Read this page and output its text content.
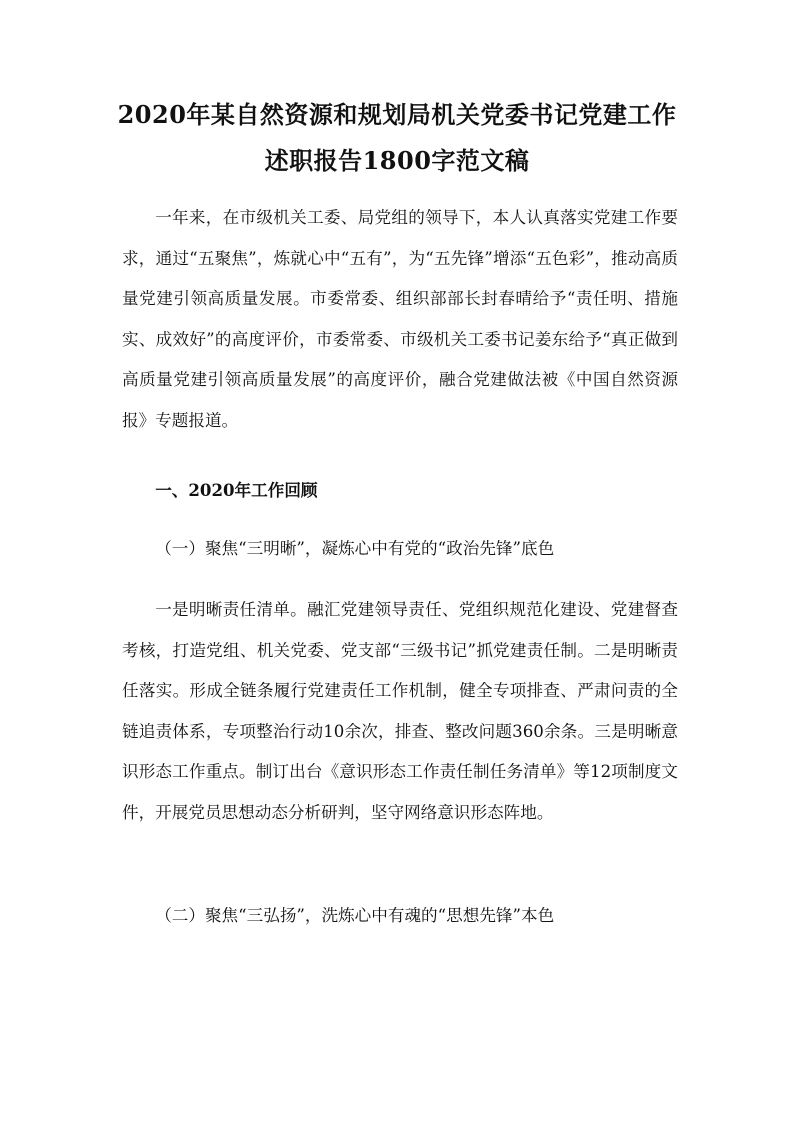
2020年某自然资源和规划局机关党委书记党建工作
述职报告1800字范文稿

一年来，在市级机关工委、局党组的领导下，本人认真落实党建工作要求，通过“五聚焦”，炼就心中“五有”，为“五先锋”增添“五色彩”，推动高质量党建引领高质量发展。市委常委、组织部部长封春晴给予“责任明、措施实、成效好”的高度评价，市委常委、市级机关工委书记姜东给予“真正做到高质量党建引领高质量发展”的高度评价，融合党建做法被《中国自然资源报》专题报道。

一、2020年工作回顾
（一）聚焦“三明晰”，凝炼心中有党的“政治先锋”底色

一是明晰责任清单。融汇党建领导责任、党组织规范化建设、党建督查考核，打造党组、机关党委、党支部“三级书记”抓党建责任制。二是明晰责任落实。形成全链条履行党建责任工作机制，健全专项排查、严肃问责的全链追责体系，专项整治行动10余次，排查、整改问题360余条。三是明晰意识形态工作重点。制订出台《意识形态工作责任制任务清单》等12项制度文件，开展党员思想动态分析研判，坚守网络意识形态阵地。

（二）聚焦“三弘扬”，洗炼心中有魂的“思想先锋”本色
